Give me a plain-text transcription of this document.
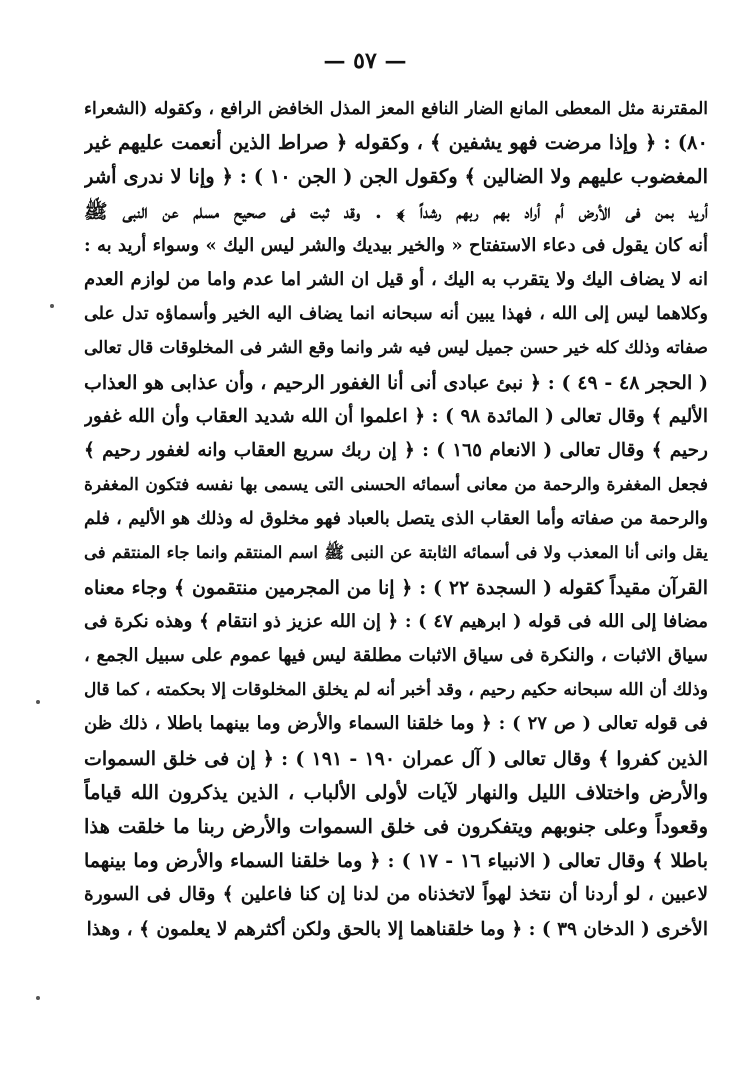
— ٥٧ —
المقترنة مثل المعطى المانع الضار النافع المعز المذل الخافض الرافع ، وكقوله (الشعراء
٨٠) : ﴿ وإذا مرضت فهو يشفين ﴾ ، وكقوله ﴿ صراط الذين أنعمت عليهم غير
المغضوب عليهم ولا الضالين ﴾ وكقول الجن ( الجن ١٠ ) : ﴿ وإنا لا ندرى أشر
أريد بمن فى الأرض أم أراد بهم ربهم رشداً ﴾ . وقد ثبت فى صحيح مسلم عن النبى ﷺ
أنه كان يقول فى دعاء الاستفتاح « والخير بيديك والشر ليس اليك » وسواء أريد به :
انه لا يضاف اليك ولا يتقرب به اليك ، أو قيل ان الشر اما عدم واما من لوازم العدم
وكلاهما ليس إلى الله ، فهذا يبين أنه سبحانه انما يضاف اليه الخير وأسماؤه تدل على
صفاته وذلك كله خير حسن جميل ليس فيه شر وانما وقع الشر فى المخلوقات قال تعالى
( الحجر ٤٨ - ٤٩ ) : ﴿ نبئ عبادى أنى أنا الغفور الرحيم ، وأن عذابى هو العذاب
الأليم ﴾ وقال تعالى ( المائدة ٩٨ ) : ﴿ اعلموا أن الله شديد العقاب وأن الله غفور
رحيم ﴾ وقال تعالى ( الانعام ١٦٥ ) : ﴿ إن ربك سريع العقاب وانه لغفور رحيم ﴾
فجعل المغفرة والرحمة من معانى أسمائه الحسنى التى يسمى بها نفسه فتكون المغفرة
والرحمة من صفاته وأما العقاب الذى يتصل بالعباد فهو مخلوق له وذلك هو الأليم ، فلم
يقل وانى أنا المعذب ولا فى أسمائه الثابتة عن النبى ﷺ اسم المنتقم وانما جاء المنتقم فى
القرآن مقيداً كقوله ( السجدة ٢٢ ) : ﴿ إنا من المجرمين منتقمون ﴾ وجاء معناه
مضافا إلى الله فى قوله ( ابرهيم ٤٧ ) : ﴿ إن الله عزيز ذو انتقام ﴾ وهذه نكرة فى
سياق الاثبات ، والنكرة فى سياق الاثبات مطلقة ليس فيها عموم على سبيل الجمع ،
وذلك أن الله سبحانه حكيم رحيم ، وقد أخبر أنه لم يخلق المخلوقات إلا بحكمته ، كما قال
فى قوله تعالى ( ص ٢٧ ) : ﴿ وما خلقنا السماء والأرض وما بينهما باطلا ، ذلك ظن
الذين كفروا ﴾ وقال تعالى ( آل عمران ١٩٠ - ١٩١ ) : ﴿ إن فى خلق السموات
والأرض واختلاف الليل والنهار لآيات لأولى الألباب ، الذين يذكرون الله قياماً
وقعوداً وعلى جنوبهم ويتفكرون فى خلق السموات والأرض ربنا ما خلقت هذا
باطلا ﴾ وقال تعالى ( الانبياء ١٦ - ١٧ ) : ﴿ وما خلقنا السماء والأرض وما بينهما
لاعبين ، لو أردنا أن نتخذ لهواً لاتخذناه من لدنا إن كنا فاعلين ﴾ وقال فى السورة
الأخرى ( الدخان ٣٩ ) : ﴿ وما خلقناهما إلا بالحق ولكن أكثرهم لا يعلمون ﴾ ، وهذا
